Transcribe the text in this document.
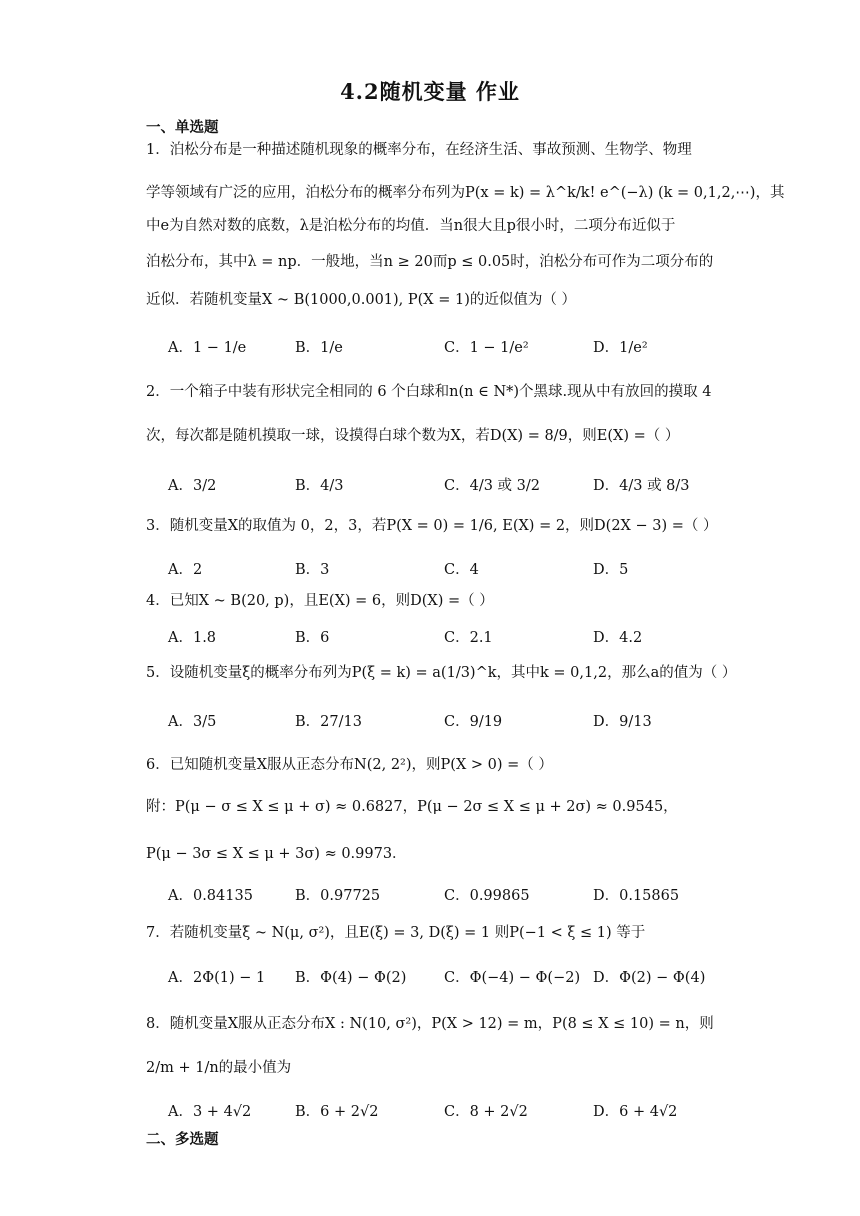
4.2随机变量 作业
一、单选题
1．泊松分布是一种描述随机现象的概率分布，在经济生活、事故预测、生物学、物理
学等领域有广泛的应用，泊松分布的概率分布列为P(x = k) = λ^k/k! e^(−λ) (k = 0,1,2,⋯)，其
中e为自然对数的底数，λ是泊松分布的均值．当n很大且p很小时，二项分布近似于
泊松分布，其中λ = np．一般地，当n ≥ 20而p ≤ 0.05时，泊松分布可作为二项分布的
近似．若随机变量X ~ B(1000,0.001), P(X = 1)的近似值为（ ）
A．1 − 1/e	B．1/e	C．1 − 1/e²	D．1/e²
2．一个箱子中装有形状完全相同的 6 个白球和n(n ∈ N*)个黑球.现从中有放回的摸取 4
次，每次都是随机摸取一球，设摸得白球个数为X，若D(X) = 8/9，则E(X) =（ ）
A．3/2	B．4/3	C．4/3 或 3/2	D．4/3 或 8/3
3．随机变量X的取值为 0，2，3，若P(X = 0) = 1/6, E(X) = 2，则D(2X − 3) =（ ）
A．2	B．3	C．4	D．5
4．已知X ~ B(20, p)，且E(X) = 6，则D(X) =（ ）
A．1.8	B．6	C．2.1	D．4.2
5．设随机变量ξ的概率分布列为P(ξ = k) = a(1/3)^k，其中k = 0,1,2，那么a的值为（ ）
A．3/5	B．27/13	C．9/19	D．9/13
6．已知随机变量X服从正态分布N(2, 2²)，则P(X > 0) =（ ）
附：P(μ − σ ≤ X ≤ μ + σ) ≈ 0.6827，P(μ − 2σ ≤ X ≤ μ + 2σ) ≈ 0.9545，
P(μ − 3σ ≤ X ≤ μ + 3σ) ≈ 0.9973．
A．0.84135	B．0.97725	C．0.99865	D．0.15865
7．若随机变量ξ ~ N(μ, σ²)，且E(ξ) = 3, D(ξ) = 1 则P(−1 < ξ ≤ 1) 等于
A．2Φ(1) − 1 B．Φ(4) − Φ(2)	C．Φ(−4) − Φ(−2) D．Φ(2) − Φ(4)
8．随机变量X服从正态分布X : N(10, σ²)，P(X > 12) = m，P(8 ≤ X ≤ 10) = n，则
2/m + 1/n的最小值为
A．3 + 4√2	B．6 + 2√2	C．8 + 2√2	D．6 + 4√2
二、多选题
